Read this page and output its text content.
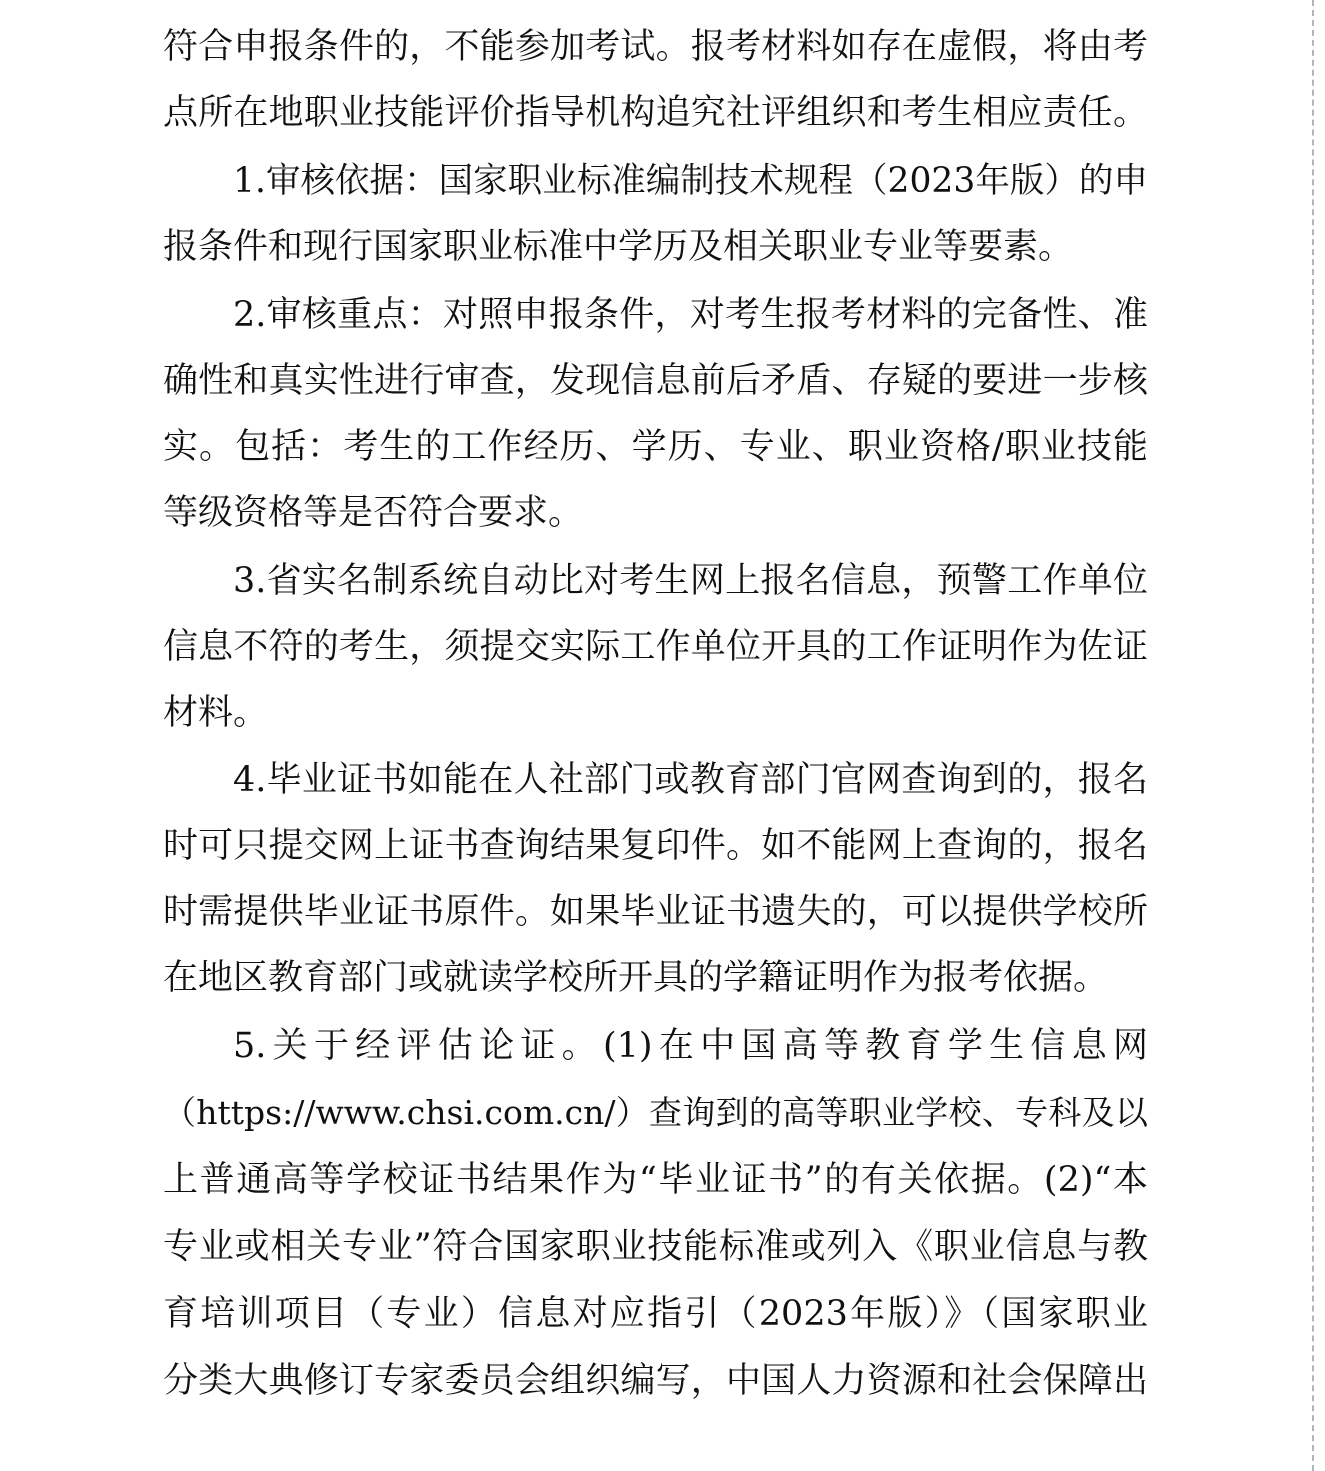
符合申报条件的，不能参加考试。报考材料如存在虚假，将由考
点所在地职业技能评价指导机构追究社评组织和考生相应责任。
1.审核依据：国家职业标准编制技术规程（2023年版）的申
报条件和现行国家职业标准中学历及相关职业专业等要素。
2.审核重点：对照申报条件，对考生报考材料的完备性、准
确性和真实性进行审查，发现信息前后矛盾、存疑的要进一步核
实。包括：考生的工作经历、学历、专业、职业资格/职业技能
等级资格等是否符合要求。
3.省实名制系统自动比对考生网上报名信息，预警工作单位
信息不符的考生，须提交实际工作单位开具的工作证明作为佐证
材料。
4.毕业证书如能在人社部门或教育部门官网查询到的，报名
时可只提交网上证书查询结果复印件。如不能网上查询的，报名
时需提供毕业证书原件。如果毕业证书遗失的，可以提供学校所
在地区教育部门或就读学校所开具的学籍证明作为报考依据。
5.关于经评估论证。(1)在中国高等教育学生信息网
（https://www.chsi.com.cn/）查询到的高等职业学校、专科及以
上普通高等学校证书结果作为“毕业证书”的有关依据。(2)“本
专业或相关专业”符合国家职业技能标准或列入《职业信息与教
育培训项目（专业）信息对应指引（2023年版）》（国家职业
分类大典修订专家委员会组织编写，中国人力资源和社会保障出
